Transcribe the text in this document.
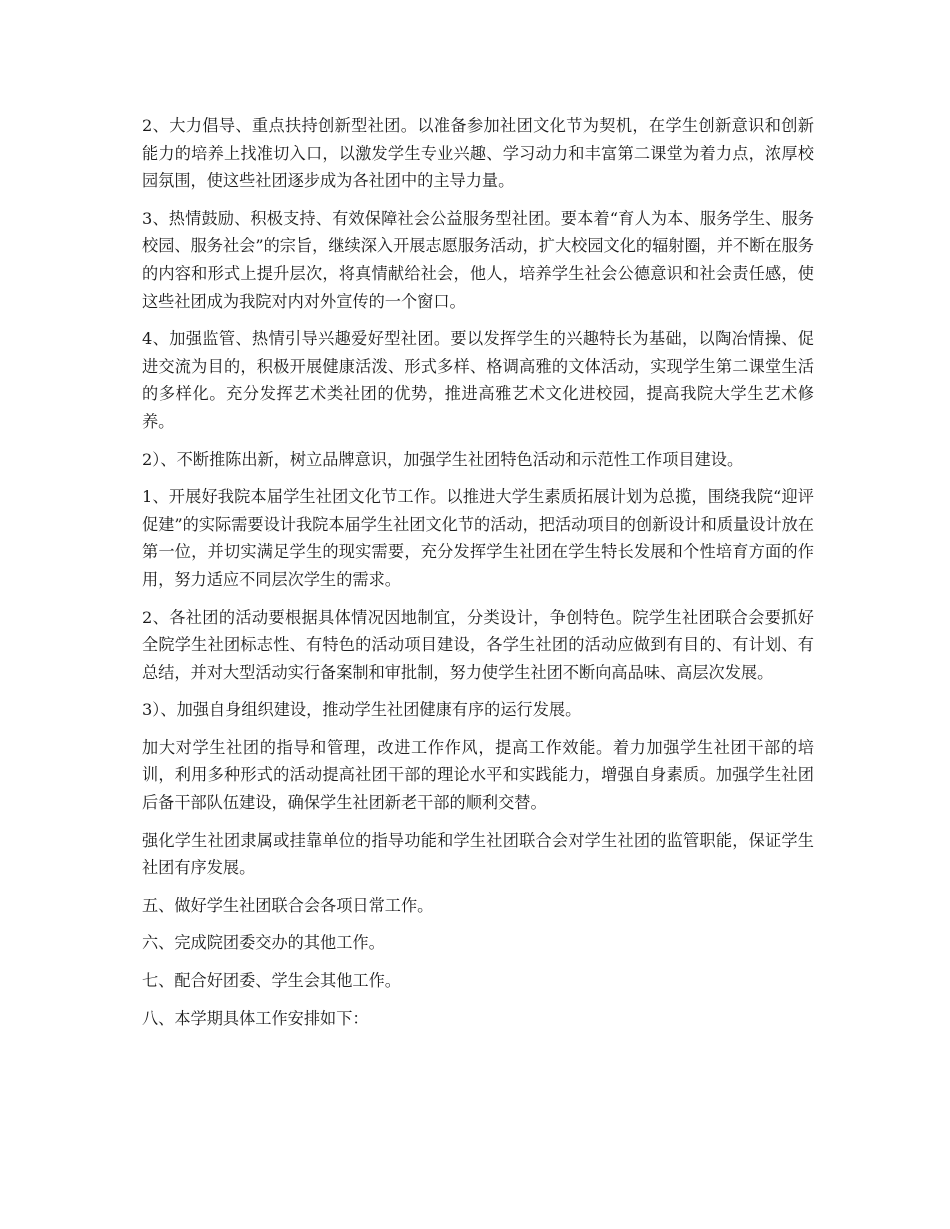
2、大力倡导、重点扶持创新型社团。以准备参加社团文化节为契机，在学生创新意识和创新能力的培养上找准切入口，以激发学生专业兴趣、学习动力和丰富第二课堂为着力点，浓厚校园氛围，使这些社团逐步成为各社团中的主导力量。

3、热情鼓励、积极支持、有效保障社会公益服务型社团。要本着“育人为本、服务学生、服务校园、服务社会”的宗旨，继续深入开展志愿服务活动，扩大校园文化的辐射圈，并不断在服务的内容和形式上提升层次，将真情献给社会，他人，培养学生社会公德意识和社会责任感，使这些社团成为我院对内对外宣传的一个窗口。

4、加强监管、热情引导兴趣爱好型社团。要以发挥学生的兴趣特长为基础，以陶冶情操、促进交流为目的，积极开展健康活泼、形式多样、格调高雅的文体活动，实现学生第二课堂生活的多样化。充分发挥艺术类社团的优势，推进高雅艺术文化进校园，提高我院大学生艺术修养。

2）、不断推陈出新，树立品牌意识，加强学生社团特色活动和示范性工作项目建设。

1、开展好我院本届学生社团文化节工作。以推进大学生素质拓展计划为总揽，围绕我院“迎评促建”的实际需要设计我院本届学生社团文化节的活动，把活动项目的创新设计和质量设计放在第一位，并切实满足学生的现实需要，充分发挥学生社团在学生特长发展和个性培育方面的作用，努力适应不同层次学生的需求。

2、各社团的活动要根据具体情况因地制宜，分类设计，争创特色。院学生社团联合会要抓好全院学生社团标志性、有特色的活动项目建设，各学生社团的活动应做到有目的、有计划、有总结，并对大型活动实行备案制和审批制，努力使学生社团不断向高品味、高层次发展。

3）、加强自身组织建设，推动学生社团健康有序的运行发展。

加大对学生社团的指导和管理，改进工作作风，提高工作效能。着力加强学生社团干部的培训，利用多种形式的活动提高社团干部的理论水平和实践能力，增强自身素质。加强学生社团后备干部队伍建设，确保学生社团新老干部的顺利交替。

强化学生社团隶属或挂靠单位的指导功能和学生社团联合会对学生社团的监管职能，保证学生社团有序发展。

五、做好学生社团联合会各项日常工作。

六、完成院团委交办的其他工作。

七、配合好团委、学生会其他工作。

八、本学期具体工作安排如下：
